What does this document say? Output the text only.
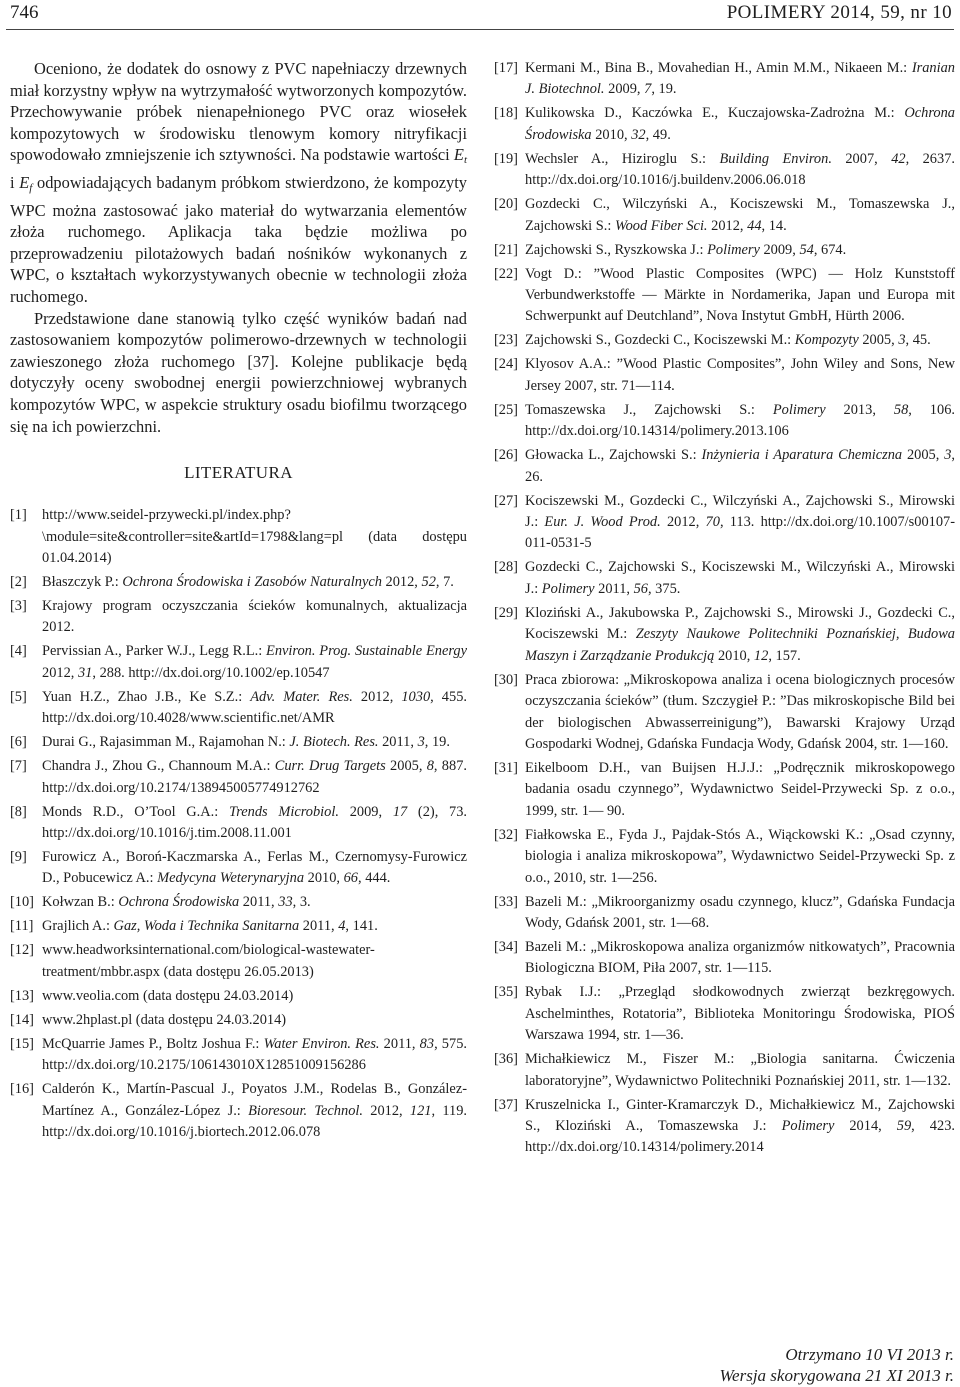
746	POLIMERY 2014, 59, nr 10

Oceniono, że dodatek do osnowy z PVC napełniaczy drzewnych miał korzystny wpływ na wytrzymałość wytworzonych kompozytów. Przechowywanie próbek nienapełnionego PVC oraz wiosełek kompozytowych w środowisku tlenowym komory nitryfikacji spowodowało zmniejszenie ich sztywności. Na podstawie wartości $E_t$ i $E_f$ odpowiadających badanym próbkom stwierdzono, że kompozyty WPC można zastosować jako materiał do wytwarzania elementów złoża ruchomego. Aplikacja taka będzie możliwa po przeprowadzeniu pilotażowych badań nośników wykonanych z WPC, o kształtach wykorzystywanych obecnie w technologii złoża ruchomego.

Przedstawione dane stanowią tylko część wyników badań nad zastosowaniem kompozytów polimerowo-drzewnych w technologii zawieszonego złoża ruchomego [37]. Kolejne publikacje będą dotyczyły oceny swobodnej energii powierzchniowej wybranych kompozytów WPC, w aspekcie struktury osadu biofilmu tworzącego się na ich powierzchni.

LITERATURA
[1]	http://www.seidel-przywecki.pl/index.php?\module=site&controller=site&artId=1798&lang=pl (data dostępu 01.04.2014)
[2]	Błaszczyk P.: Ochrona Środowiska i Zasobów Naturalnych 2012, 52, 7.
[3]	Krajowy program oczyszczania ścieków komunalnych, aktualizacja 2012.
[4]	Pervissian A., Parker W.J., Legg R.L.: Environ. Prog. Sustainable Energy 2012, 31, 288. http://dx.doi.org/10.1002/ep.10547
[5]	Yuan H.Z., Zhao J.B., Ke S.Z.: Adv. Mater. Res. 2012, 1030, 455. http://dx.doi.org/10.4028/www.scientific.net/AMR
[6]	Durai G., Rajasimman M., Rajamohan N.: J. Biotech. Res. 2011, 3, 19.
[7]	Chandra J., Zhou G., Channoum M.A.: Curr. Drug Targets 2005, 8, 887. http://dx.doi.org/10.2174/138945005774912762
[8]	Monds R.D., O’Tool G.A.: Trends Microbiol. 2009, 17 (2), 73. http://dx.doi.org/10.1016/j.tim.2008.11.001
[9]	Furowicz A., Boroń-Kaczmarska A., Ferlas M., Czernomysy-Furowicz D., Pobucewicz A.: Medycyna Weterynaryjna 2010, 66, 444.
[10] Kołwzan B.: Ochrona Środowiska 2011, 33, 3.
[11] Grajlich A.: Gaz, Woda i Technika Sanitarna 2011, 4, 141.
[12] www.headworksinternational.com/biological-wastewater-treatment/mbbr.aspx (data dostępu 26.05.2013)
[13] www.veolia.com (data dostępu 24.03.2014)
[14] www.2hplast.pl (data dostępu 24.03.2014)
[15] McQuarrie James P., Boltz Joshua F.: Water Environ. Res. 2011, 83, 575. http://dx.doi.org/10.2175/106143010X12851009156286
[16] Calderón K., Martín-Pascual J., Poyatos J.M., Rodelas B., González-Martínez A., González-López J.: Bioresour. Technol. 2012, 121, 119. http://dx.doi.org/10.1016/j.biortech.2012.06.078
[17] Kermani M., Bina B., Movahedian H., Amin M.M., Nikaeen M.: Iranian J. Biotechnol. 2009, 7, 19.
[18] Kulikowska D., Kaczówka E., Kuczajowska-Zadrożna M.: Ochrona Środowiska 2010, 32, 49.
[19] Wechsler A., Hiziroglu S.: Building Environ. 2007, 42, 2637. http://dx.doi.org/10.1016/j.buildenv.2006.06.018
[20] Gozdecki C., Wilczyński A., Kociszewski M., Tomaszewska J., Zajchowski S.: Wood Fiber Sci. 2012, 44, 14.
[21] Zajchowski S., Ryszkowska J.: Polimery 2009, 54, 674.
[22] Vogt D.: ”Wood Plastic Composites (WPC) — Holz Kunststoff Verbundwerkstoffe — Märkte in Nordamerika, Japan und Europa mit Schwerpunkt auf Deutchland”, Nova Instytut GmbH, Hürth 2006.
[23] Zajchowski S., Gozdecki C., Kociszewski M.: Kompozyty 2005, 3, 45.
[24] Klyosov A.A.: ”Wood Plastic Composites”, John Wiley and Sons, New Jersey 2007, str. 71—114.
[25] Tomaszewska J., Zajchowski S.: Polimery 2013, 58, 106. http://dx.doi.org/10.14314/polimery.2013.106
[26] Głowacka L., Zajchowski S.: Inżynieria i Aparatura Chemiczna 2005, 3, 26.
[27] Kociszewski M., Gozdecki C., Wilczyński A., Zajchowski S., Mirowski J.: Eur. J. Wood Prod. 2012, 70, 113. http://dx.doi.org/10.1007/s00107-011-0531-5
[28] Gozdecki C., Zajchowski S., Kociszewski M., Wilczyński A., Mirowski J.: Polimery 2011, 56, 375.
[29] Kloziński A., Jakubowska P., Zajchowski S., Mirowski J., Gozdecki C., Kociszewski M.: Zeszyty Naukowe Politechniki Poznańskiej, Budowa Maszyn i Zarządzanie Produkcją 2010, 12, 157.
[30] Praca zbiorowa: „Mikroskopowa analiza i ocena biologicznych procesów oczyszczania ścieków” (tłum. Szczygieł P.: ”Das mikroskopische Bild bei der biologischen Abwasserreinigung”), Bawarski Krajowy Urząd Gospodarki Wodnej, Gdańska Fundacja Wody, Gdańsk 2004, str. 1—160.
[31] Eikelboom D.H., van Buijsen H.J.J.: „Podręcznik mikroskopowego badania osadu czynnego”, Wydawnictwo Seidel-Przywecki Sp. z o.o., 1999, str. 1— 90.
[32] Fiałkowska E., Fyda J., Pajdak-Stós A., Wiąckowski K.: „Osad czynny, biologia i analiza mikroskopowa”, Wydawnictwo Seidel-Przywecki Sp. z o.o., 2010, str. 1—256.
[33] Bazeli M.: „Mikroorganizmy osadu czynnego, klucz”, Gdańska Fundacja Wody, Gdańsk 2001, str. 1—68.
[34] Bazeli M.: „Mikroskopowa analiza organizmów nitkowatych”, Pracownia Biologiczna BIOM, Piła 2007, str. 1—115.
[35] Rybak I.J.: „Przegląd słodkowodnych zwierząt bezkręgowych. Aschelminthes, Rotatoria”, Biblioteka Monitoringu Środowiska, PIOŚ Warszawa 1994, str. 1—36.
[36] Michałkiewicz M., Fiszer M.: „Biologia sanitarna. Ćwiczenia laboratoryjne”, Wydawnictwo Politechniki Poznańskiej 2011, str. 1—132.
[37] Kruszelnicka I., Ginter-Kramarczyk D., Michałkiewicz M., Zajchowski S., Kloziński A., Tomaszewska J.: Polimery 2014, 59, 423. http://dx.doi.org/10.14314/polimery.2014
Otrzymano 10 VI 2013 r.
Wersja skorygowana 21 XI 2013 r.
